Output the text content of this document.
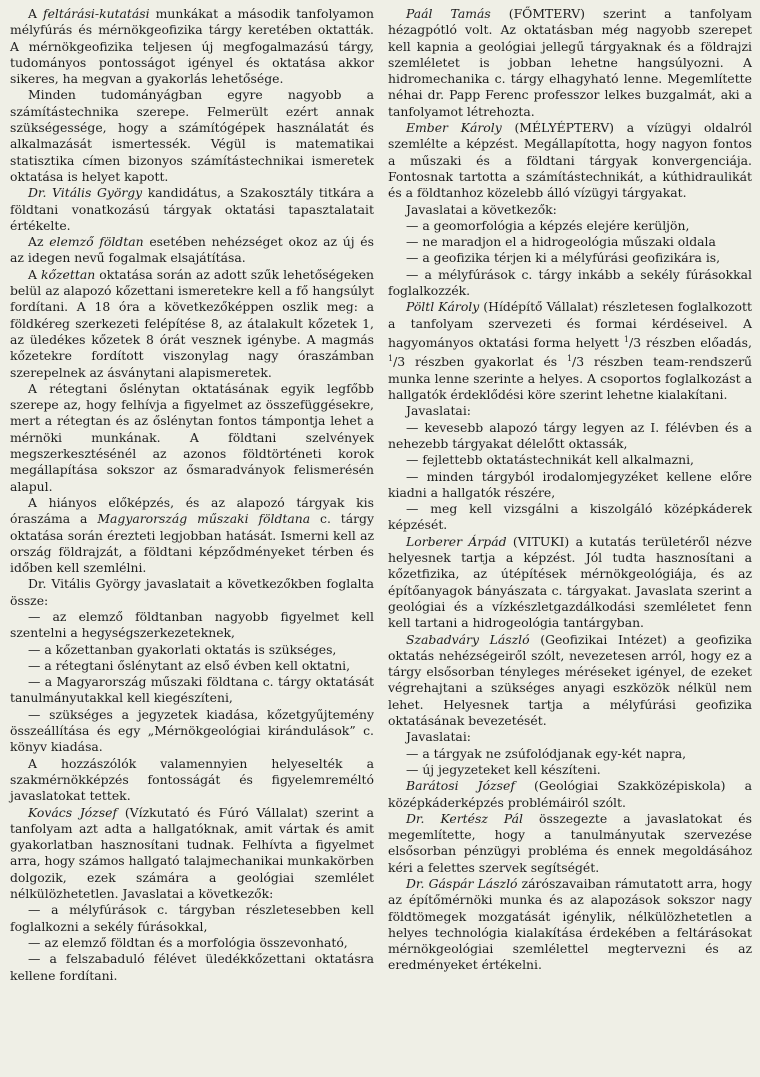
A feltárási-kutatási munkákat a második tanfolyamon mélyfúrás és mérnökgeofizika tárgy keretében oktatták. A mérnökgeofizika teljesen új megfogalmazású tárgy, tudományos pontosságot igényel és oktatása akkor sikeres, ha megvan a gyakorlás lehetősége.

Minden tudományágban egyre nagyobb a számítástechnika szerepe. Felmerült ezért annak szükségessége, hogy a számítógépek használatát és alkalmazását ismertessék. Végül is matematikai statisztika címen bizonyos számítástechnikai ismeretek oktatása is helyet kapott.

Dr. Vitális György kandidátus, a Szakosztály titkára a földtani vonatkozású tárgyak oktatási tapasztalatait értékelte.

Az elemző földtan esetében nehézséget okoz az új és az idegen nevű fogalmak elsajátítása.

A kőzettan oktatása során az adott szűk lehetőségeken belül az alapozó kőzettani ismeretekre kell a fő hangsúlyt fordítani. A 18 óra a következőképpen oszlik meg: a földkéreg szerkezeti felépítése 8, az átalakult kőzetek 1, az üledékes kőzetek 8 órát vesznek igénybe. A magmás kőzetekre fordított viszonylag nagy óraszámban szerepelnek az ásványtani alapismeretek.

A rétegtani őslénytan oktatásának egyik legfőbb szerepe az, hogy felhívja a figyelmet az összefüggésekre, mert a rétegtan és az őslénytan fontos támpontja lehet a mérnöki munkának. A földtani szelvények megszerkesztésénél az azonos földtörténeti korok megállapítása sokszor az ősmaradványok felismerésén alapul.

A hiányos előképzés, és az alapozó tárgyak kis óraszáma a Magyarország műszaki földtana c. tárgy oktatása során érezteti legjobban hatását. Ismerni kell az ország földrajzát, a földtani képződményeket térben és időben kell szemlélni.

Dr. Vitális György javaslatait a következőkben foglalta össze:

— az elemző földtanban nagyobb figyelmet kell szentelni a hegységszerkezeteknek,

— a kőzettanban gyakorlati oktatás is szükséges,

— a rétegtani őslénytant az első évben kell oktatni,

— a Magyarország műszaki földtana c. tárgy oktatását tanulmányutakkal kell kiegészíteni,

— szükséges a jegyzetek kiadása, kőzetgyűjtemény összeállítása és egy „Mérnökgeológiai kirándulások” c. könyv kiadása.

A hozzászólók valamennyien helyeselték a szakmérnökképzés fontosságát és figyelemreméltó javaslatokat tettek.

Kovács József (Vízkutató és Fúró Vállalat) szerint a tanfolyam azt adta a hallgatóknak, amit vártak és amit gyakorlatban hasznosítani tudnak. Felhívta a figyelmet arra, hogy számos hallgató talajmechanikai munkakörben dolgozik, ezek számára a geológiai szemlélet nélkülözhetetlen. Javaslatai a következők:

— a mélyfúrások c. tárgyban részletesebben kell foglalkozni a sekély fúrásokkal,

— az elemző földtan és a morfológia összevonható,

— a felszabaduló félévet üledékkőzettani oktatásra kellene fordítani.

Paál Tamás (FŐMTERV) szerint a tanfolyam hézagpótló volt. Az oktatásban még nagyobb szerepet kell kapnia a geológiai jellegű tárgyaknak és a földrajzi szemléletet is jobban lehetne hangsúlyozni. A hidromechanika c. tárgy elhagyható lenne. Megemlítette néhai dr. Papp Ferenc professzor lelkes buzgalmát, aki a tanfolyamot létrehozta.

Ember Károly (MÉLYÉPTERV) a vízügyi oldalról szemlélte a képzést. Megállapította, hogy nagyon fontos a műszaki és a földtani tárgyak konvergenciája. Fontosnak tartotta a számítástechnikát, a kúthidraulikát és a földtanhoz közelebb álló vízügyi tárgyakat.

Javaslatai a következők:

— a geomorfológia a képzés elejére kerüljön,

— ne maradjon el a hidrogeológia műszaki oldala

— a geofizika térjen ki a mélyfúrási geofizikára is,

— a mélyfúrások c. tárgy inkább a sekély fúrásokkal foglalkozzék.

Pöltl Károly (Hídépítő Vállalat) részletesen foglalkozott a tanfolyam szervezeti és formai kérdéseivel. A hagyományos oktatási forma helyett $^1$/3 részben előadás, $^1$/3 részben gyakorlat és $^1$/3 részben team-rendszerű munka lenne szerinte a helyes. A csoportos foglalkozást a hallgatók érdeklődési köre szerint lehetne kialakítani.

Javaslatai:

— kevesebb alapozó tárgy legyen az I. félévben és a nehezebb tárgyakat délelőtt oktassák,

— fejlettebb oktatástechnikát kell alkalmazni,

— minden tárgyból irodalomjegyzéket kellene előre kiadni a hallgatók részére,

— meg kell vizsgálni a kiszolgáló középkáderek képzését.

Lorberer Árpád (VITUKI) a kutatás területéről nézve helyesnek tartja a képzést. Jól tudta hasznosítani a kőzetfizika, az útépítések mérnökgeológiája, és az építőanyagok bányászata c. tárgyakat. Javaslata szerint a geológiai és a vízkészletgazdálkodási szemléletet fenn kell tartani a hidrogeológia tantárgyban.

Szabadváry László (Geofizikai Intézet) a geofizika oktatás nehézségeiről szólt, nevezetesen arról, hogy ez a tárgy elsősorban tényleges méréseket igényel, de ezeket végrehajtani a szükséges anyagi eszközök nélkül nem lehet. Helyesnek tartja a mélyfúrási geofizika oktatásának bevezetését.

Javaslatai:

— a tárgyak ne zsúfolódjanak egy-két napra,

— új jegyzeteket kell készíteni.

Barátosi József (Geológiai Szakközépiskola) a középkáderképzés problémáiról szólt.

Dr. Kertész Pál összegezte a javaslatokat és megemlítette, hogy a tanulmányutak szervezése elsősorban pénzügyi probléma és ennek megoldásához kéri a felettes szervek segítségét.

Dr. Gáspár László zárószavaiban rámutatott arra, hogy az építőmérnöki munka és az alapozások sokszor nagy földtömegek mozgatását igénylik, nélkülözhetetlen a helyes technológia kialakítása érdekében a feltárásokat mérnökgeológiai szemlélettel megtervezni és az eredményeket értékelni.
